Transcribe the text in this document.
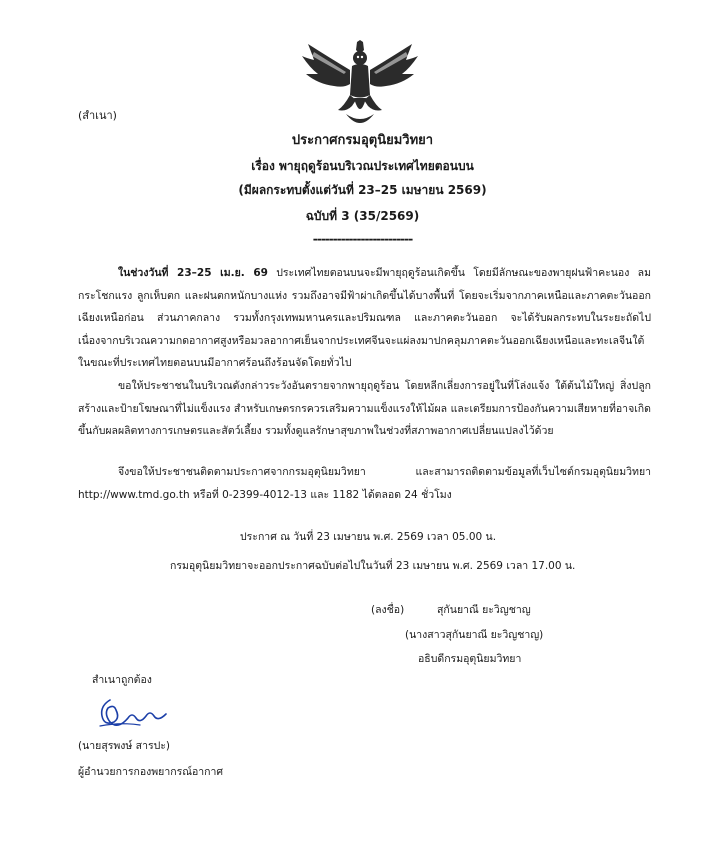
(สำเนา)
ประกาศกรมอุตุนิยมวิทยา
เรื่อง พายุฤดูร้อนบริเวณประเทศไทยตอนบน
(มีผลกระทบตั้งแต่วันที่ 23–25 เมษายน 2569)
ฉบับที่ 3 (35/2569)
-------------------------

ในช่วงวันที่ 23–25 เม.ย. 69 ประเทศไทยตอนบนจะมีพายุฤดูร้อนเกิดขึ้น โดยมีลักษณะของพายุฝนฟ้าคะนอง ลมกระโชกแรง ลูกเห็บตก และฝนตกหนักบางแห่ง รวมถึงอาจมีฟ้าผ่าเกิดขึ้นได้บางพื้นที่ โดยจะเริ่มจากภาคเหนือและภาคตะวันออกเฉียงเหนือก่อน ส่วนภาคกลาง รวมทั้งกรุงเทพมหานครและปริมณฑล และภาคตะวันออก จะได้รับผลกระทบในระยะถัดไป เนื่องจากบริเวณความกดอากาศสูงหรือมวลอากาศเย็นจากประเทศจีนจะแผ่ลงมาปกคลุมภาคตะวันออกเฉียงเหนือและทะเลจีนใต้ ในขณะที่ประเทศไทยตอนบนมีอากาศร้อนถึงร้อนจัดโดยทั่วไป

ขอให้ประชาชนในบริเวณดังกล่าวระวังอันตรายจากพายุฤดูร้อน โดยหลีกเลี่ยงการอยู่ในที่โล่งแจ้ง ใต้ต้นไม้ใหญ่ สิ่งปลูกสร้างและป้ายโฆษณาที่ไม่แข็งแรง สำหรับเกษตรกรควรเสริมความแข็งแรงให้ไม้ผล และเตรียมการป้องกันความเสียหายที่อาจเกิดขึ้นกับผลผลิตทางการเกษตรและสัตว์เลี้ยง รวมทั้งดูแลรักษาสุขภาพในช่วงที่สภาพอากาศเปลี่ยนแปลงไว้ด้วย

จึงขอให้ประชาชนติดตามประกาศจากกรมอุตุนิยมวิทยา และสามารถติดตามข้อมูลที่เว็บไซต์กรมอุตุนิยมวิทยา http://www.tmd.go.th หรือที่ 0-2399-4012-13 และ 1182 ได้ตลอด 24 ชั่วโมง

ประกาศ ณ วันที่ 23 เมษายน พ.ศ. 2569 เวลา 05.00 น.
กรมอุตุนิยมวิทยาจะออกประกาศฉบับต่อไปในวันที่ 23 เมษายน พ.ศ. 2569 เวลา 17.00 น.
(ลงชื่อ)	สุกันยาณี ยะวิญชาญ
(นางสาวสุกันยาณี ยะวิญชาญ)
อธิบดีกรมอุตุนิยมวิทยา
สำเนาถูกต้อง
(นายสุรพงษ์ สารปะ)
ผู้อำนวยการกองพยากรณ์อากาศ
